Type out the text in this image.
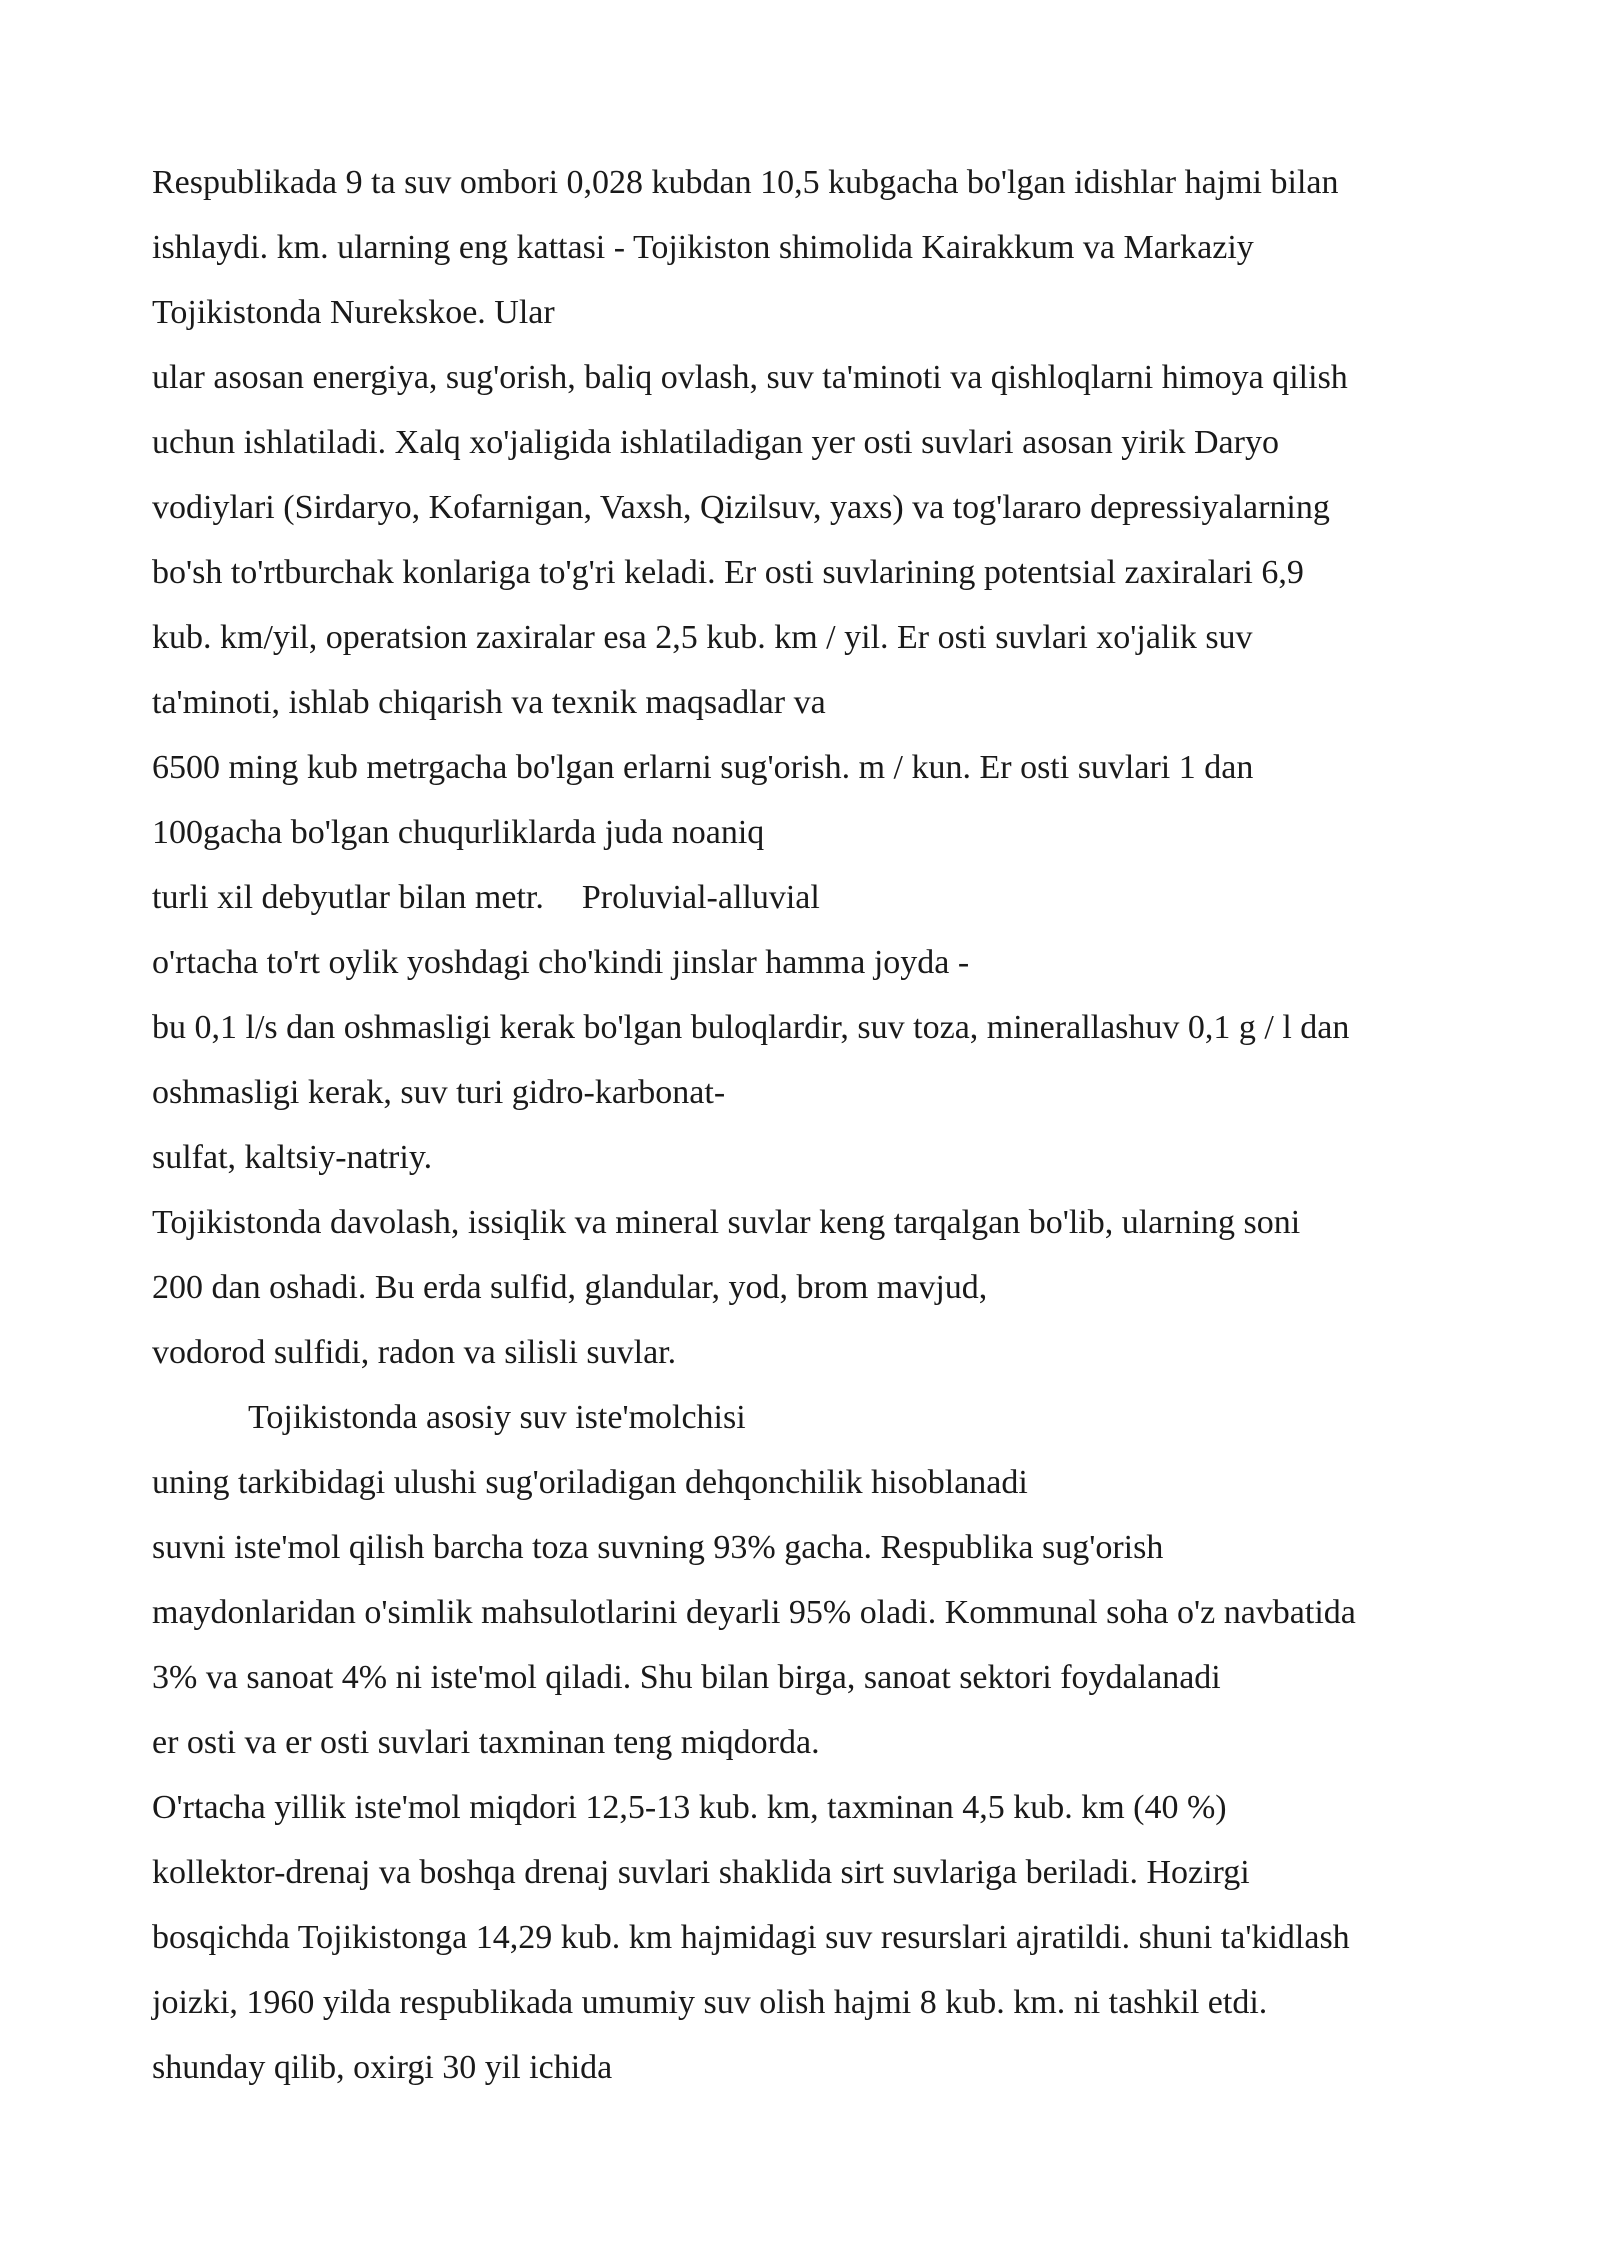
Respublikada 9 ta suv ombori 0,028 kubdan 10,5 kubgacha bo'lgan idishlar hajmi bilan
ishlaydi. km. ularning eng kattasi - Tojikiston shimolida Kairakkum va Markaziy
Tojikistonda Nurekskoe. Ular
ular asosan energiya, sug'orish, baliq ovlash, suv ta'minoti va qishloqlarni himoya qilish
uchun ishlatiladi. Xalq xo'jaligida ishlatiladigan yer osti suvlari asosan yirik Daryo
vodiylari (Sirdaryo, Kofarnigan, Vaxsh, Qizilsuv, yaxs) va tog'lararo depressiyalarning
bo'sh to'rtburchak konlariga to'g'ri keladi. Er osti suvlarining potentsial zaxiralari 6,9
kub. km/yil, operatsion zaxiralar esa 2,5 kub. km / yil. Er osti suvlari xo'jalik suv
ta'minoti, ishlab chiqarish va texnik maqsadlar va
6500 ming kub metrgacha bo'lgan erlarni sug'orish. m / kun. Er osti suvlari 1 dan
100gacha bo'lgan chuqurliklarda juda noaniq
turli xil debyutlar bilan metr. Proluvial-alluvial
o'rtacha to'rt oylik yoshdagi cho'kindi jinslar hamma joyda -
bu 0,1 l/s dan oshmasligi kerak bo'lgan buloqlardir, suv toza, minerallashuv 0,1 g / l dan
oshmasligi kerak, suv turi gidro-karbonat-
sulfat, kaltsiy-natriy.
Tojikistonda davolash, issiqlik va mineral suvlar keng tarqalgan bo'lib, ularning soni
200 dan oshadi. Bu erda sulfid, glandular, yod, brom mavjud,
vodorod sulfidi, radon va silisli suvlar.
Tojikistonda asosiy suv iste'molchisi
uning tarkibidagi ulushi sug'oriladigan dehqonchilik hisoblanadi
suvni iste'mol qilish barcha toza suvning 93% gacha. Respublika sug'orish
maydonlaridan o'simlik mahsulotlarini deyarli 95% oladi. Kommunal soha o'z navbatida
3% va sanoat 4% ni iste'mol qiladi. Shu bilan birga, sanoat sektori foydalanadi
er osti va er osti suvlari taxminan teng miqdorda.
O'rtacha yillik iste'mol miqdori 12,5-13 kub. km, taxminan 4,5 kub. km (40 %)
kollektor-drenaj va boshqa drenaj suvlari shaklida sirt suvlariga beriladi. Hozirgi
bosqichda Tojikistonga 14,29 kub. km hajmidagi suv resurslari ajratildi. shuni ta'kidlash
joizki, 1960 yilda respublikada umumiy suv olish hajmi 8 kub. km. ni tashkil etdi.
shunday qilib, oxirgi 30 yil ichida
